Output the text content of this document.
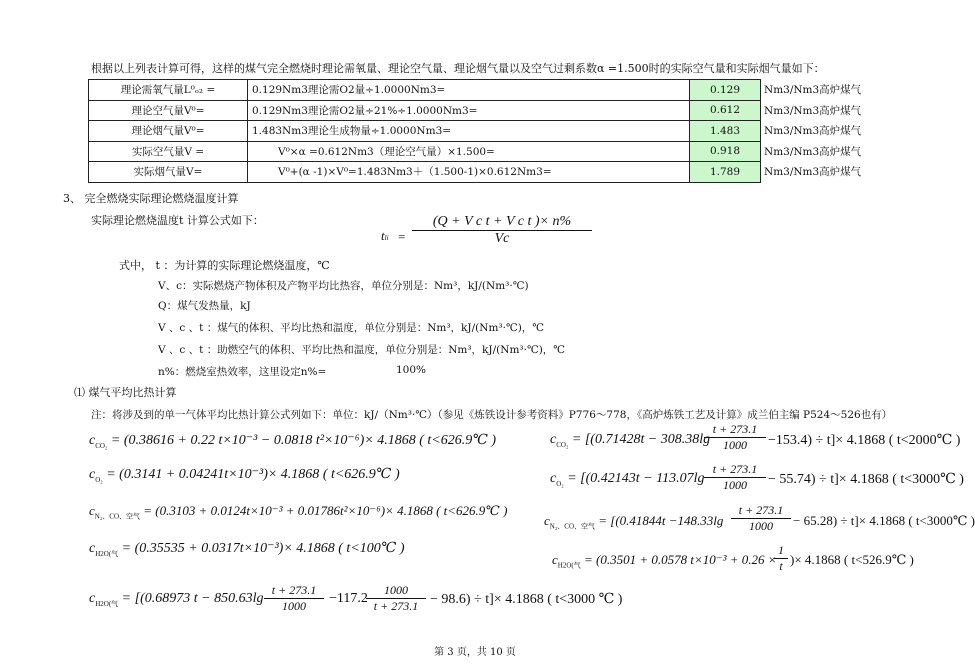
根据以上列表计算可得，这样的煤气完全燃烧时理论需氧量、理论空气量、理论烟气量以及空气过剩系数α =1.500时的实际空气量和实际烟气量如下：
理论需氧气量L⁰ₒ₂ =	0.129Nm3理论需O2量÷1.0000Nm3=	0.129	Nm3/Nm3高炉煤气
理论空气量V⁰=	0.129Nm3理论需O2量÷21%÷1.0000Nm3=	0.612	Nm3/Nm3高炉煤气
理论烟气量V⁰=	1.483Nm3理论生成物量÷1.0000Nm3=	1.483	Nm3/Nm3高炉煤气
实际空气量V =	V⁰×α =0.612Nm3（理论空气量）×1.500=	0.918	Nm3/Nm3高炉煤气
实际烟气量V=	V⁰+(α -1)×V⁰=1.483Nm3＋（1.500-1)×0.612Nm3=	1.789	Nm3/Nm3高炉煤气
3、 完全燃烧实际理论燃烧温度计算
实际理论燃烧温度t 计算公式如下：
tli = $\frac{\text{(Q + V c t + V c t )× n\%}}{Vc}$
式中， t ：为计算的实际理论燃烧温度，℃
V、c：实际燃烧产物体积及产物平均比热容，单位分别是：Nm³，kJ/(Nm³·℃)
Q：煤气发热量，kJ
V 、c 、t ：煤气的体积、平均比热和温度，单位分别是：Nm³，kJ/(Nm³·℃)，℃
V 、c 、t ：助燃空气的体积、平均比热和温度，单位分别是：Nm³，kJ/(Nm³·℃)，℃
n%：燃烧室热效率，这里设定n%=	100%
⑴ 煤气平均比热计算
注：将涉及到的单一气体平均比热计算公式列如下：单位：kJ/（Nm³·℃）（参见《炼铁设计参考资料》P776～778，《高炉炼铁工艺及计算》成兰伯主编 P524～526也有）
$c_{CO_2} = (0.38616 + 0.22$ t×10⁻³ − 0.0818 t²×10⁻⁶)× 4.1868 ( t<626.9℃ )
$c_{O_2} = (0.3141 + 0.04241t\times 10^{-3})\times 4.1868$ ( t<626.9℃ )
$c_{N_2、CO、空气} = (0.3103 + 0.0124t\times 10^{-3} + 0.01786t^2\times 10^{-6})\times 4.1868$ ( t<626.9℃ )
$c_{H2O(气} = (0.35535 + 0.0317t\times 10^{-3})\times 4.1868$ ( t<100℃ )
$c_{H2O(气} = [(0.68973$ $t - 850.63\lg \frac{t + 273.1}{1000} -117.2$
$\frac{1000}{t + 273.1} - 98.6) \div t]\times 4.1868$ ( t<3000 ℃ )
$c_{CO_2} = [(0.71428t - 308.38\lg$
$\frac{t + 273.1}{1000} -153.4) \div t]\times 4.1868$ ( t<2000℃ )
$c_{O_2} = [(0.42143t - 113.07\lg \frac{t + 273.1}{1000} - 55.74) \div t]\times 4.1868$ ( t<3000℃ )
$c_{N_2、CO、空气} = [(0.41844t -148.33\lg \frac{t + 273.1}{1000} - 65.28) \div t]\times 4.1868$ ( t<3000℃ )
$c_{H2O(气} = (0.3501 + 0.0578$ t×10⁻³ + 0.26 ×
$\frac{1}{t}$ )× 4.1868 ( t<526.9℃ )
第 3 页，共 10 页
